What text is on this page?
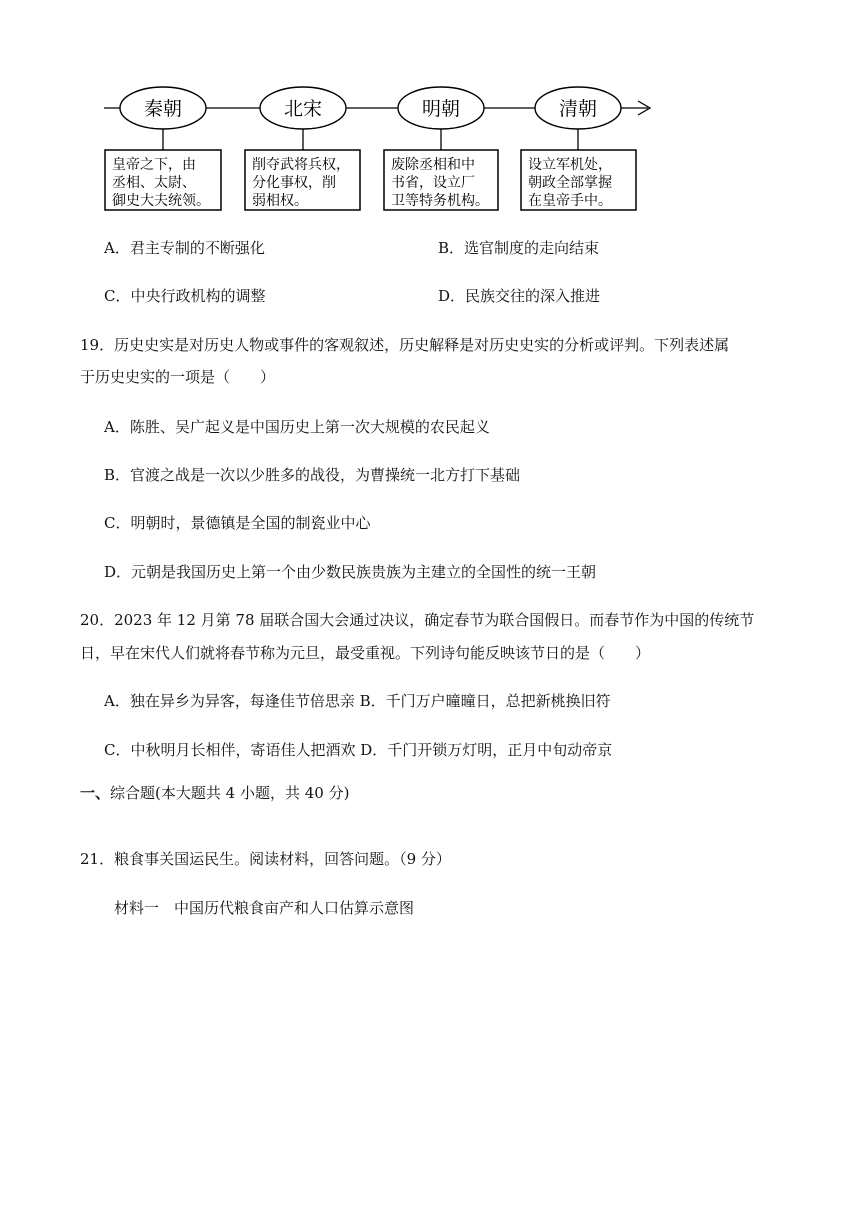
秦朝
皇帝之下，由
丞相、太尉、
御史大夫统领。
北宋
削夺武将兵权，
分化事权，削
弱相权。
明朝
废除丞相和中
书省，设立厂
卫等特务机构。
清朝
设立军机处，
朝政全部掌握
在皇帝手中。
A．君主专制的不断强化	B．选官制度的走向结束
C．中央行政机构的调整	D．民族交往的深入推进
19．历史史实是对历史人物或事件的客观叙述，历史解释是对历史史实的分析或评判。下列表述属
于历史史实的一项是（　　）
A．陈胜、吴广起义是中国历史上第一次大规模的农民起义
B．官渡之战是一次以少胜多的战役，为曹操统一北方打下基础
C．明朝时，景德镇是全国的制瓷业中心
D．元朝是我国历史上第一个由少数民族贵族为主建立的全国性的统一王朝
20．2023 年 12 月第 78 届联合国大会通过决议，确定春节为联合国假日。而春节作为中国的传统节
日，早在宋代人们就将春节称为元旦，最受重视。下列诗句能反映该节日的是（　　）
A．独在异乡为异客，每逢佳节倍思亲 B．千门万户曈曈日，总把新桃换旧符
C．中秋明月长相伴，寄语佳人把酒欢 D．千门开锁万灯明，正月中旬动帝京
一、综合题(本大题共 4 小题，共 40 分)
21．粮食事关国运民生。阅读材料，回答问题。（9 分）
材料一　中国历代粮食亩产和人口估算示意图
